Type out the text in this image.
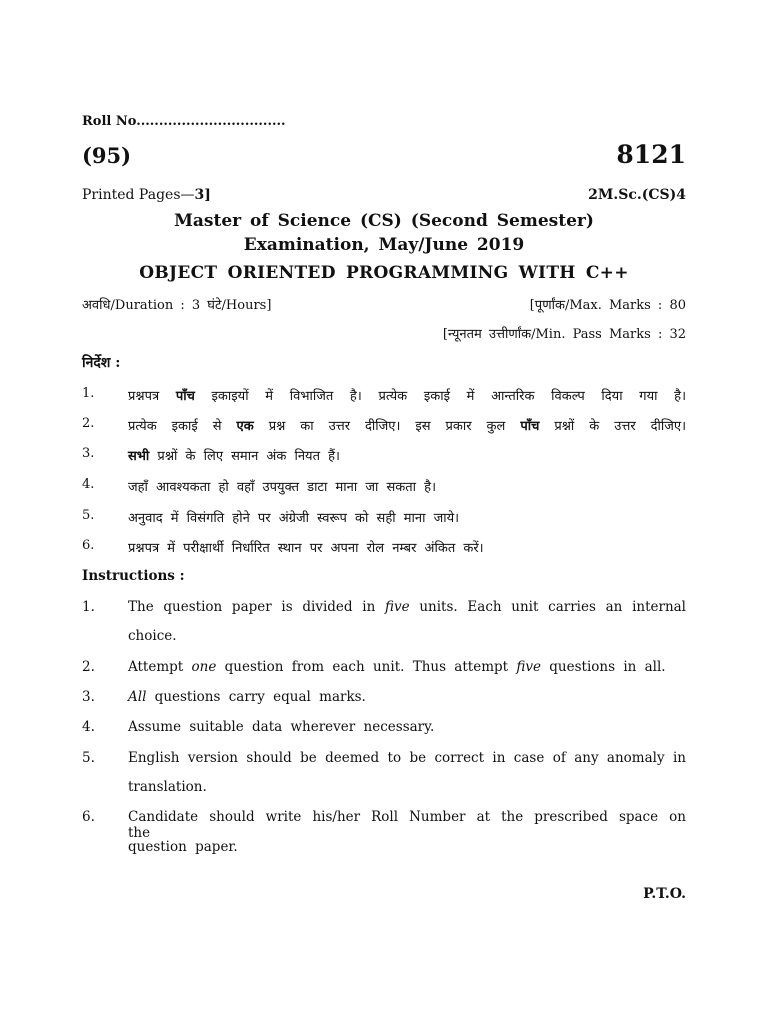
Roll No.................................
(95)	8121
Printed Pages—3]	2M.Sc.(CS)4
Master of Science (CS) (Second Semester)
Examination, May/June 2019
OBJECT ORIENTED PROGRAMMING WITH C++
अवधि/Duration : 3 घंटे/Hours]	[पूर्णांक/Max. Marks : 80
[न्यूनतम उत्तीर्णांक/Min. Pass Marks : 32
निर्देश :
1.	प्रश्नपत्र पाँच इकाइयों में विभाजित है। प्रत्येक इकाई में आन्तरिक विकल्प दिया गया है।
2.	प्रत्येक इकाई से एक प्रश्न का उत्तर दीजिए। इस प्रकार कुल पाँच प्रश्नों के उत्तर दीजिए।
3.	सभी प्रश्नों के लिए समान अंक नियत हैं।
4.	जहाँ आवश्यकता हो वहाँ उपयुक्त डाटा माना जा सकता है।
5.	अनुवाद में विसंगति होने पर अंग्रेजी स्वरूप को सही माना जाये।
6.	प्रश्नपत्र में परीक्षार्थी निर्धारित स्थान पर अपना रोल नम्बर अंकित करें।
Instructions :
1. The question paper is divided in five units. Each unit carries an internal
choice.
2. Attempt one question from each unit. Thus attempt five questions in all.
3. All questions carry equal marks.
4. Assume suitable data wherever necessary.
5. English version should be deemed to be correct in case of any anomaly in
translation.
6. Candidate should write his/her Roll Number at the prescribed space on the
question paper.
P.T.O.
